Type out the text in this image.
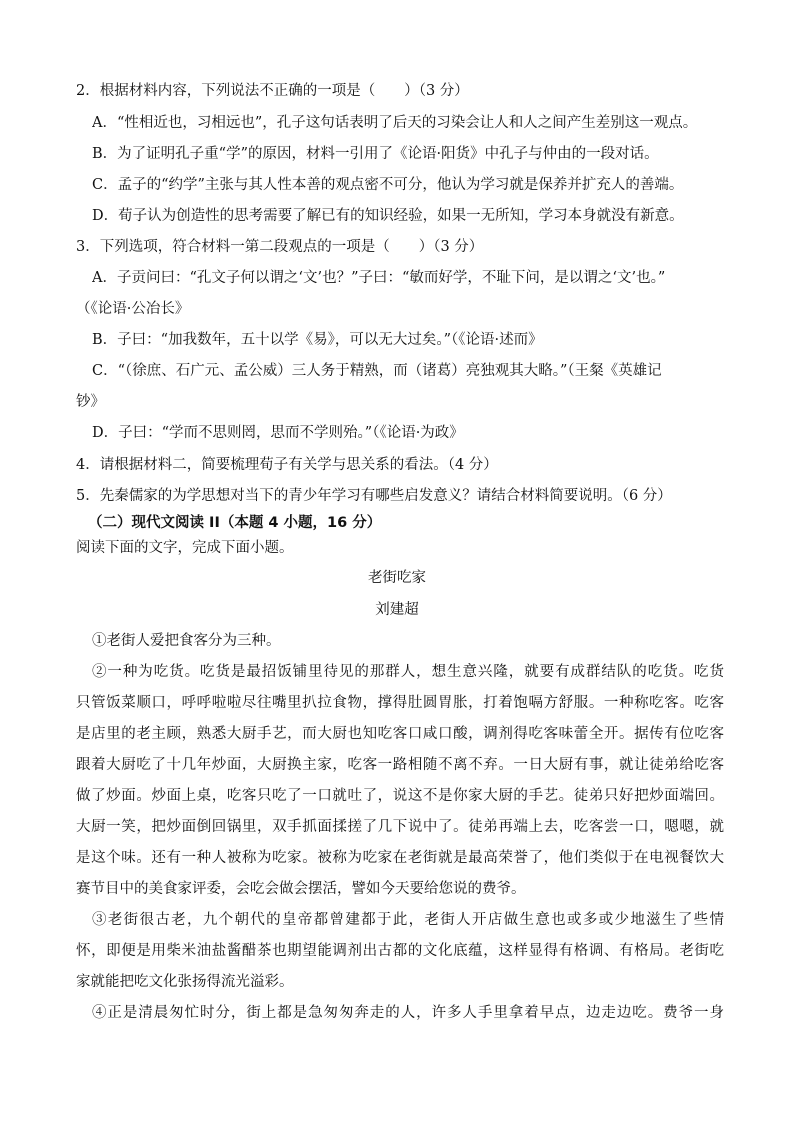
2．根据材料内容，下列说法不正确的一项是（　　）（3 分）
A．“性相近也，习相远也”，孔子这句话表明了后天的习染会让人和人之间产生差别这一观点。
B．为了证明孔子重“学”的原因，材料一引用了《论语·阳货》中孔子与仲由的一段对话。
C．孟子的“约学”主张与其人性本善的观点密不可分，他认为学习就是保养并扩充人的善端。
D．荀子认为创造性的思考需要了解已有的知识经验，如果一无所知，学习本身就没有新意。
3．下列选项，符合材料一第二段观点的一项是（　　）（3 分）
A．子贡问曰：“孔文子何以谓之‘文’也？”子曰：“敏而好学，不耻下问，是以谓之‘文’也。”
（《论语·公冶长》
B．子曰：“加我数年，五十以学《易》，可以无大过矣。”（《论语·述而》
C．“（徐庶、石广元、孟公威）三人务于精熟，而（诸葛）亮独观其大略。”（王粲《英雄记
钞》
D．子曰：“学而不思则罔，思而不学则殆。”（《论语·为政》
4．请根据材料二，简要梳理荀子有关学与思关系的看法。（4 分）
5．先秦儒家的为学思想对当下的青少年学习有哪些启发意义？请结合材料简要说明。（6 分）
（二）现代文阅读 II（本题 4 小题，16 分）
阅读下面的文字，完成下面小题。
老街吃家
刘建超
①老街人爱把食客分为三种。
②一种为吃货。吃货是最招饭铺里待见的那群人，想生意兴隆，就要有成群结队的吃货。吃货
只管饭菜顺口，呼呼啦啦尽往嘴里扒拉食物，撑得肚圆胃胀，打着饱嗝方舒服。一种称吃客。吃客
是店里的老主顾，熟悉大厨手艺，而大厨也知吃客口咸口酸，调剂得吃客味蕾全开。据传有位吃客
跟着大厨吃了十几年炒面，大厨换主家，吃客一路相随不离不弃。一日大厨有事，就让徒弟给吃客
做了炒面。炒面上桌，吃客只吃了一口就吐了，说这不是你家大厨的手艺。徒弟只好把炒面端回。
大厨一笑，把炒面倒回锅里，双手抓面揉搓了几下说中了。徒弟再端上去，吃客尝一口，嗯嗯，就
是这个味。还有一种人被称为吃家。被称为吃家在老街就是最高荣誉了，他们类似于在电视餐饮大
赛节目中的美食家评委，会吃会做会摆活，譬如今天要给您说的费爷。
③老街很古老，九个朝代的皇帝都曾建都于此，老街人开店做生意也或多或少地滋生了些情
怀，即便是用柴米油盐酱醋茶也期望能调剂出古都的文化底蕴，这样显得有格调、有格局。老街吃
家就能把吃文化张扬得流光溢彩。
④正是清晨匆忙时分，街上都是急匆匆奔走的人，许多人手里拿着早点，边走边吃。费爷一身
